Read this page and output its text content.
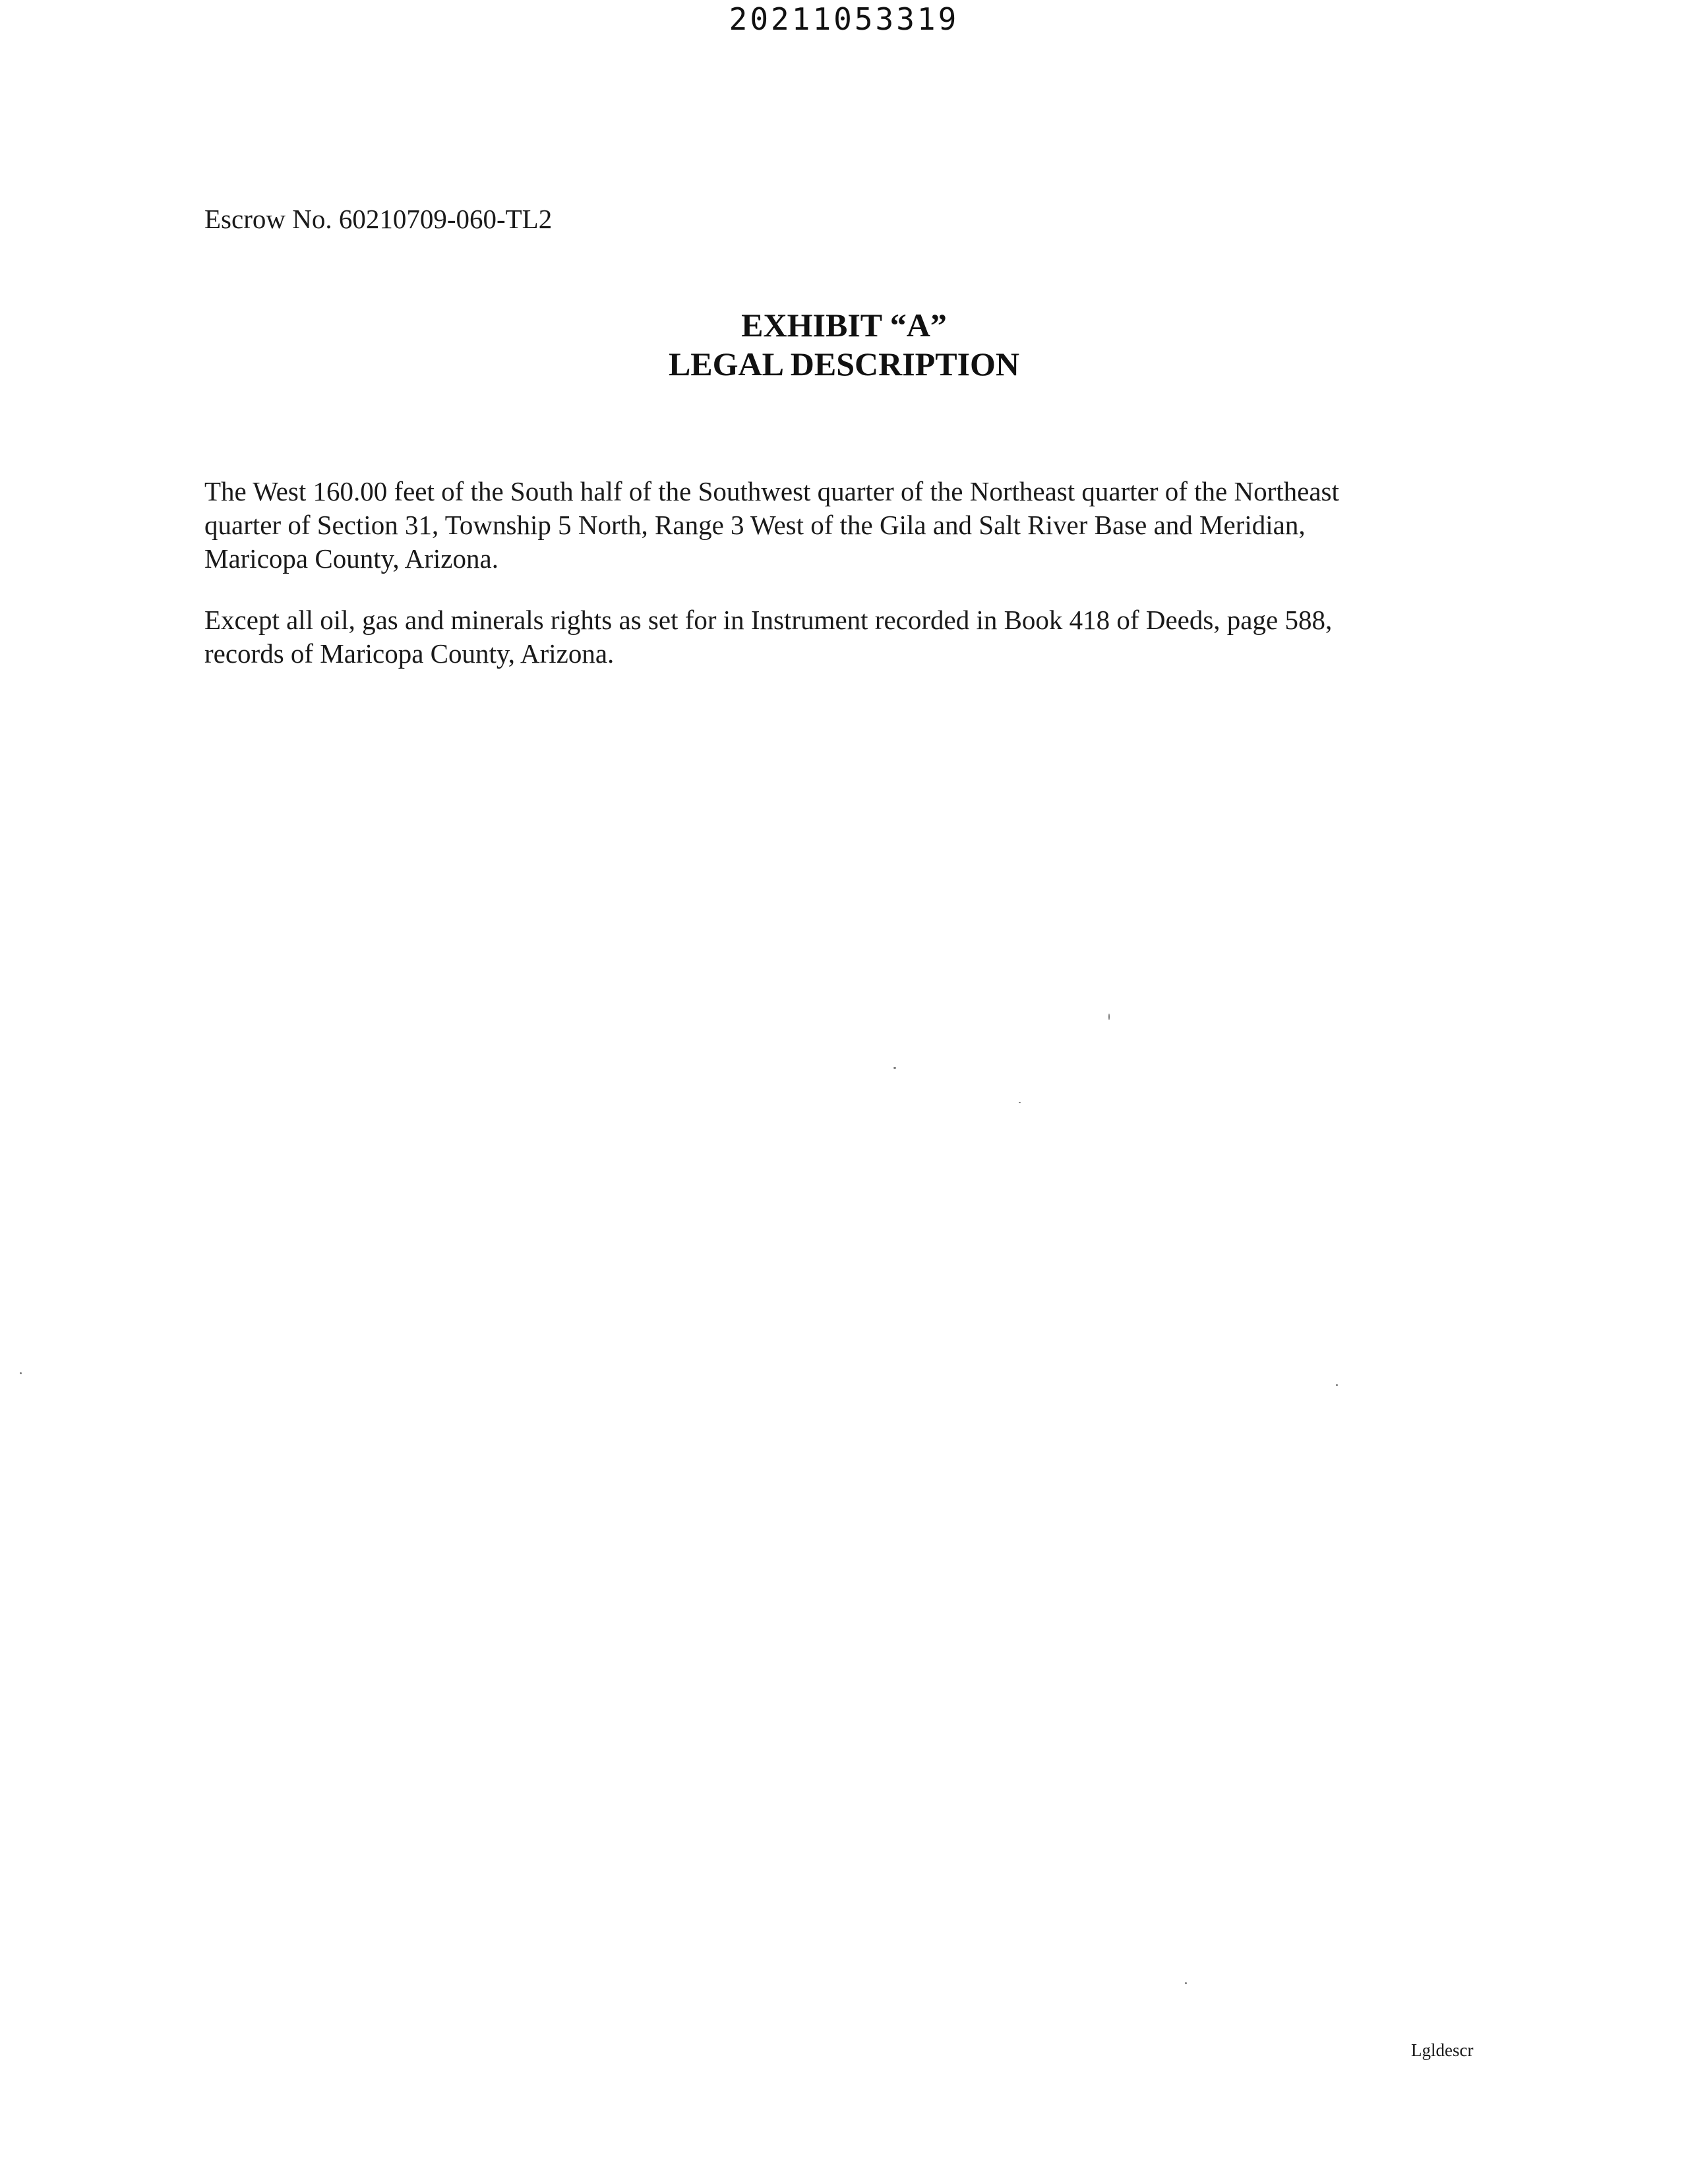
20211053319
Escrow No. 60210709-060-TL2
EXHIBIT “A”
LEGAL DESCRIPTION
The West 160.00 feet of the South half of the Southwest quarter of the Northeast quarter of the Northeast
quarter of Section 31, Township 5 North, Range 3 West of the Gila and Salt River Base and Meridian,
Maricopa County, Arizona.
Except all oil, gas and minerals rights as set for in Instrument recorded in Book 418 of Deeds, page 588,
records of Maricopa County, Arizona.
Lgldescr
